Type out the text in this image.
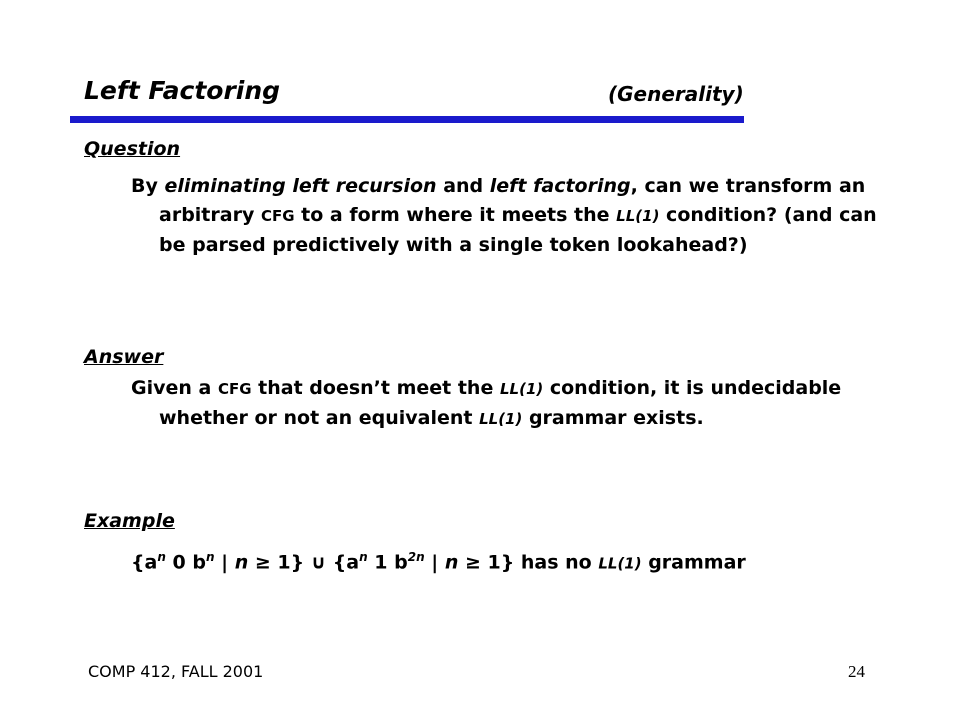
Left Factoring	(Generality)
Question
By eliminating left recursion and left factoring, can we transform an arbitrary CFG to a form where it meets the LL(1) condition? (and can be parsed predictively with a single token lookahead?)
Answer
Given a CFG that doesn’t meet the LL(1) condition, it is undecidable whether or not an equivalent LL(1) grammar exists.
Example
{$a^n$ 0 $b^n$ | n ≥ 1} ∪ {$a^n$ 1 $b^{2n}$ | n ≥ 1} has no LL(1) grammar
COMP 412, FALL 2001	24
